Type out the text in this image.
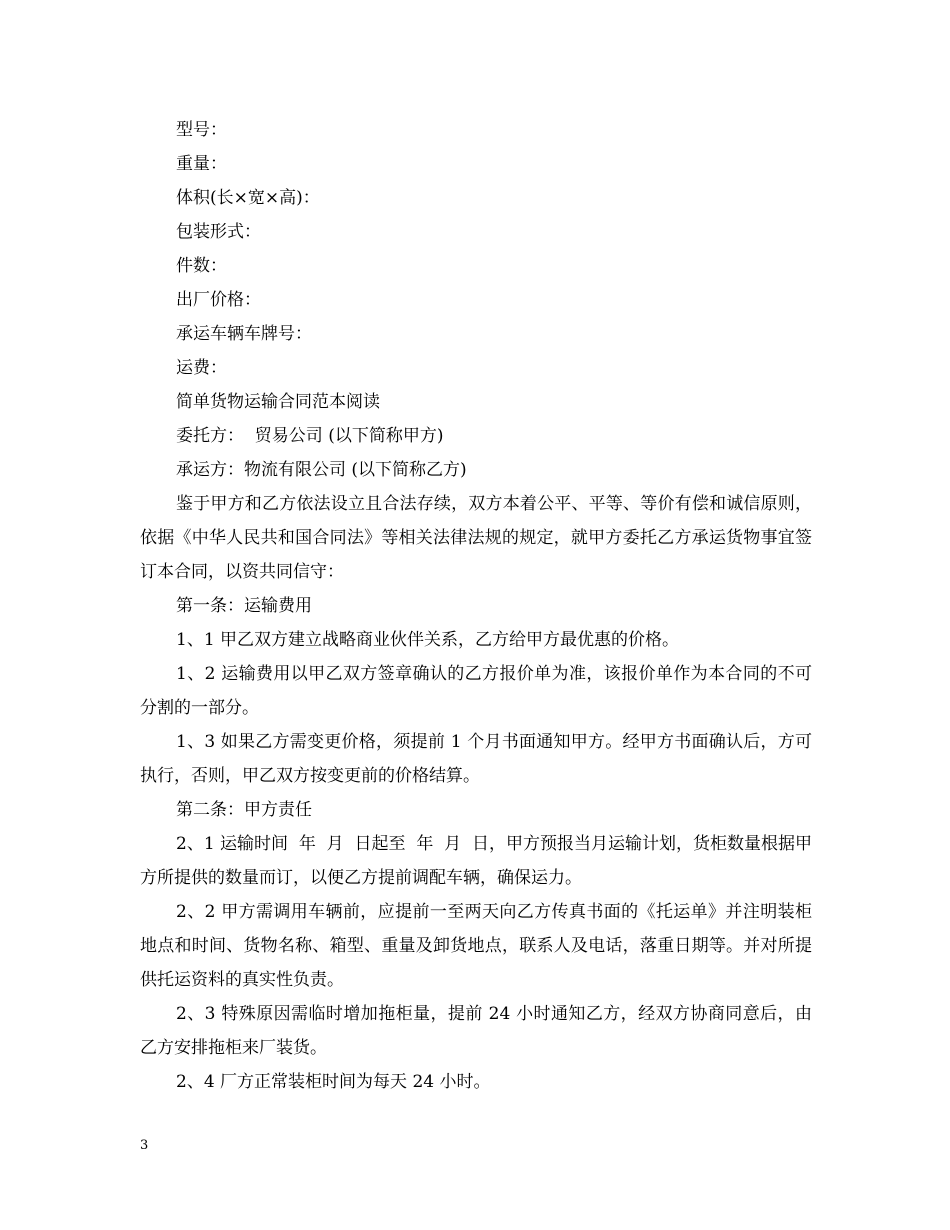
型号：

重量：

体积(长×宽×高)：

包装形式：

件数：

出厂价格：

承运车辆车牌号：

运费：

简单货物运输合同范本阅读

委托方：  贸易公司 (以下简称甲方)

承运方：物流有限公司 (以下简称乙方)

鉴于甲方和乙方依法设立且合法存续，双方本着公平、平等、等价有偿和诚信原则，依据《中华人民共和国合同法》等相关法律法规的规定，就甲方委托乙方承运货物事宜签订本合同，以资共同信守：

第一条：运输费用

1、1 甲乙双方建立战略商业伙伴关系，乙方给甲方最优惠的价格。

1、2 运输费用以甲乙双方签章确认的乙方报价单为准，该报价单作为本合同的不可分割的一部分。

1、3 如果乙方需变更价格，须提前 1 个月书面通知甲方。经甲方书面确认后，方可执行，否则，甲乙双方按变更前的价格结算。

第二条：甲方责任

2、1 运输时间  年  月  日起至  年  月  日，甲方预报当月运输计划，货柜数量根据甲方所提供的数量而订，以便乙方提前调配车辆，确保运力。

2、2 甲方需调用车辆前，应提前一至两天向乙方传真书面的《托运单》并注明装柜地点和时间、货物名称、箱型、重量及卸货地点，联系人及电话，落重日期等。并对所提供托运资料的真实性负责。

2、3 特殊原因需临时增加拖柜量，提前 24 小时通知乙方，经双方协商同意后，由乙方安排拖柜来厂装货。

2、4 厂方正常装柜时间为每天 24 小时。

3
